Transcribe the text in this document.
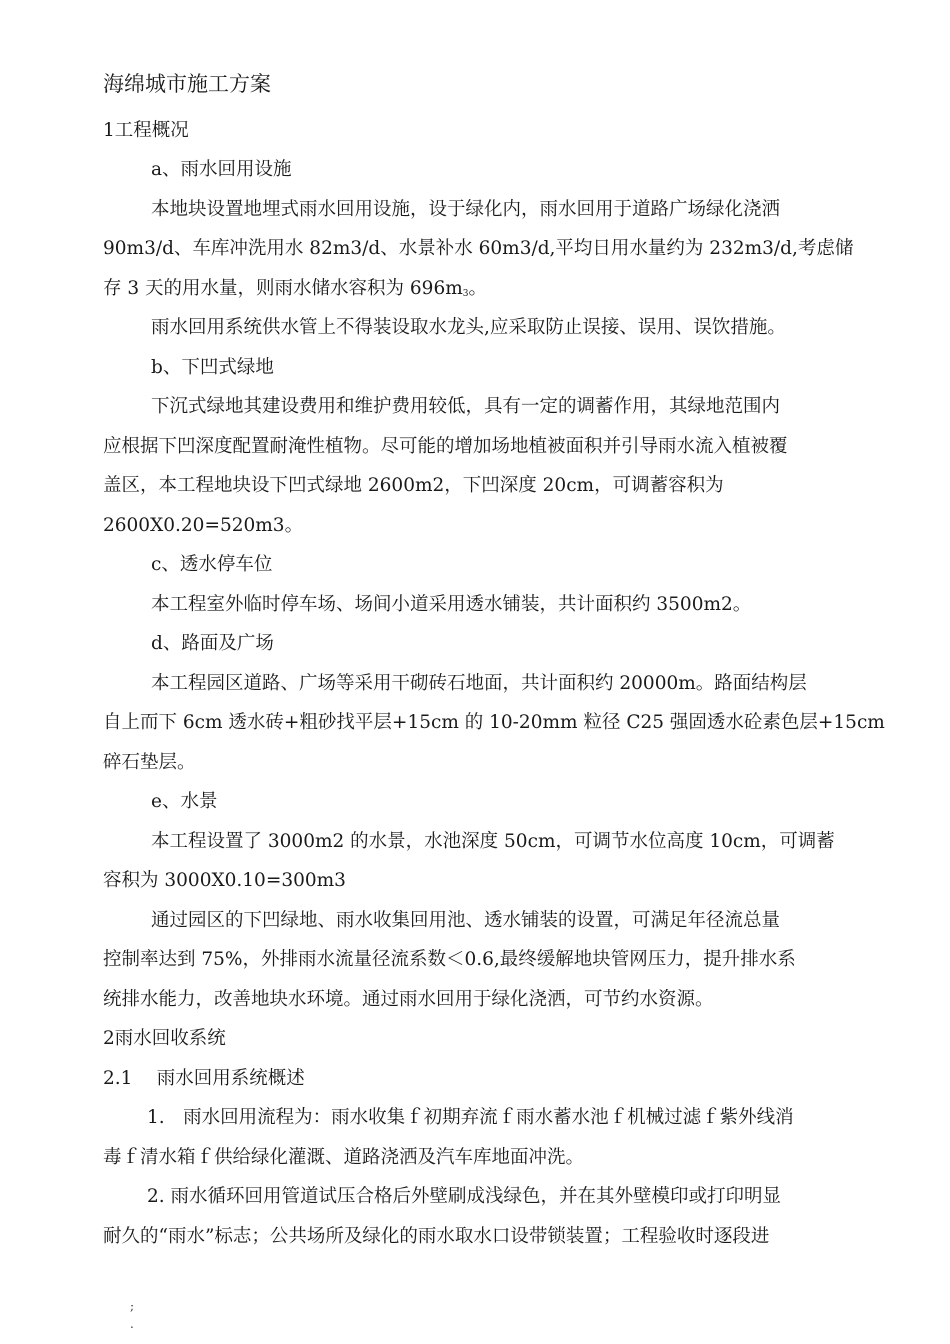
海绵城市施工方案
1工程概况
a、雨水回用设施
本地块设置地埋式雨水回用设施，设于绿化内，雨水回用于道路广场绿化浇洒
90m3/d、车库冲洗用水 82m3/d、水景补水 60m3/d,平均日用水量约为 232m3/d,考虑储
存 3 天的用水量，则雨水储水容积为 696m3。
雨水回用系统供水管上不得装设取水龙头,应采取防止误接、误用、误饮措施。
b、下凹式绿地
下沉式绿地其建设费用和维护费用较低，具有一定的调蓄作用，其绿地范围内
应根据下凹深度配置耐淹性植物。尽可能的增加场地植被面积并引导雨水流入植被覆
盖区，本工程地块设下凹式绿地 2600m2，下凹深度 20cm，可调蓄容积为
2600X0.20=520m3。
c、透水停车位
本工程室外临时停车场、场间小道采用透水铺装，共计面积约 3500m2。
d、路面及广场
本工程园区道路、广场等采用干砌砖石地面，共计面积约 20000m。路面结构层
自上而下 6cm 透水砖+粗砂找平层+15cm 的 10-20mm 粒径 C25 强固透水砼素色层+15cm
碎石垫层。
e、水景
本工程设置了 3000m2 的水景，水池深度 50cm，可调节水位高度 10cm，可调蓄
容积为 3000X0.10=300m3
通过园区的下凹绿地、雨水收集回用池、透水铺装的设置，可满足年径流总量
控制率达到 75%，外排雨水流量径流系数＜0.6,最终缓解地块管网压力，提升排水系
统排水能力，改善地块水环境。通过雨水回用于绿化浇洒，可节约水资源。
2雨水回收系统
2.1　 雨水回用系统概述
1.　雨水回用流程为：雨水收集ｆ初期弃流ｆ雨水蓄水池ｆ机械过滤ｆ紫外线消
毒ｆ清水箱ｆ供给绿化灌溉、道路浇洒及汽车库地面冲洗。
2. 雨水循环回用管道试压合格后外壁刷成浅绿色，并在其外壁模印或打印明显
耐久的“雨水”标志；公共场所及绿化的雨水取水口设带锁装置；工程验收时逐段进
;
.
